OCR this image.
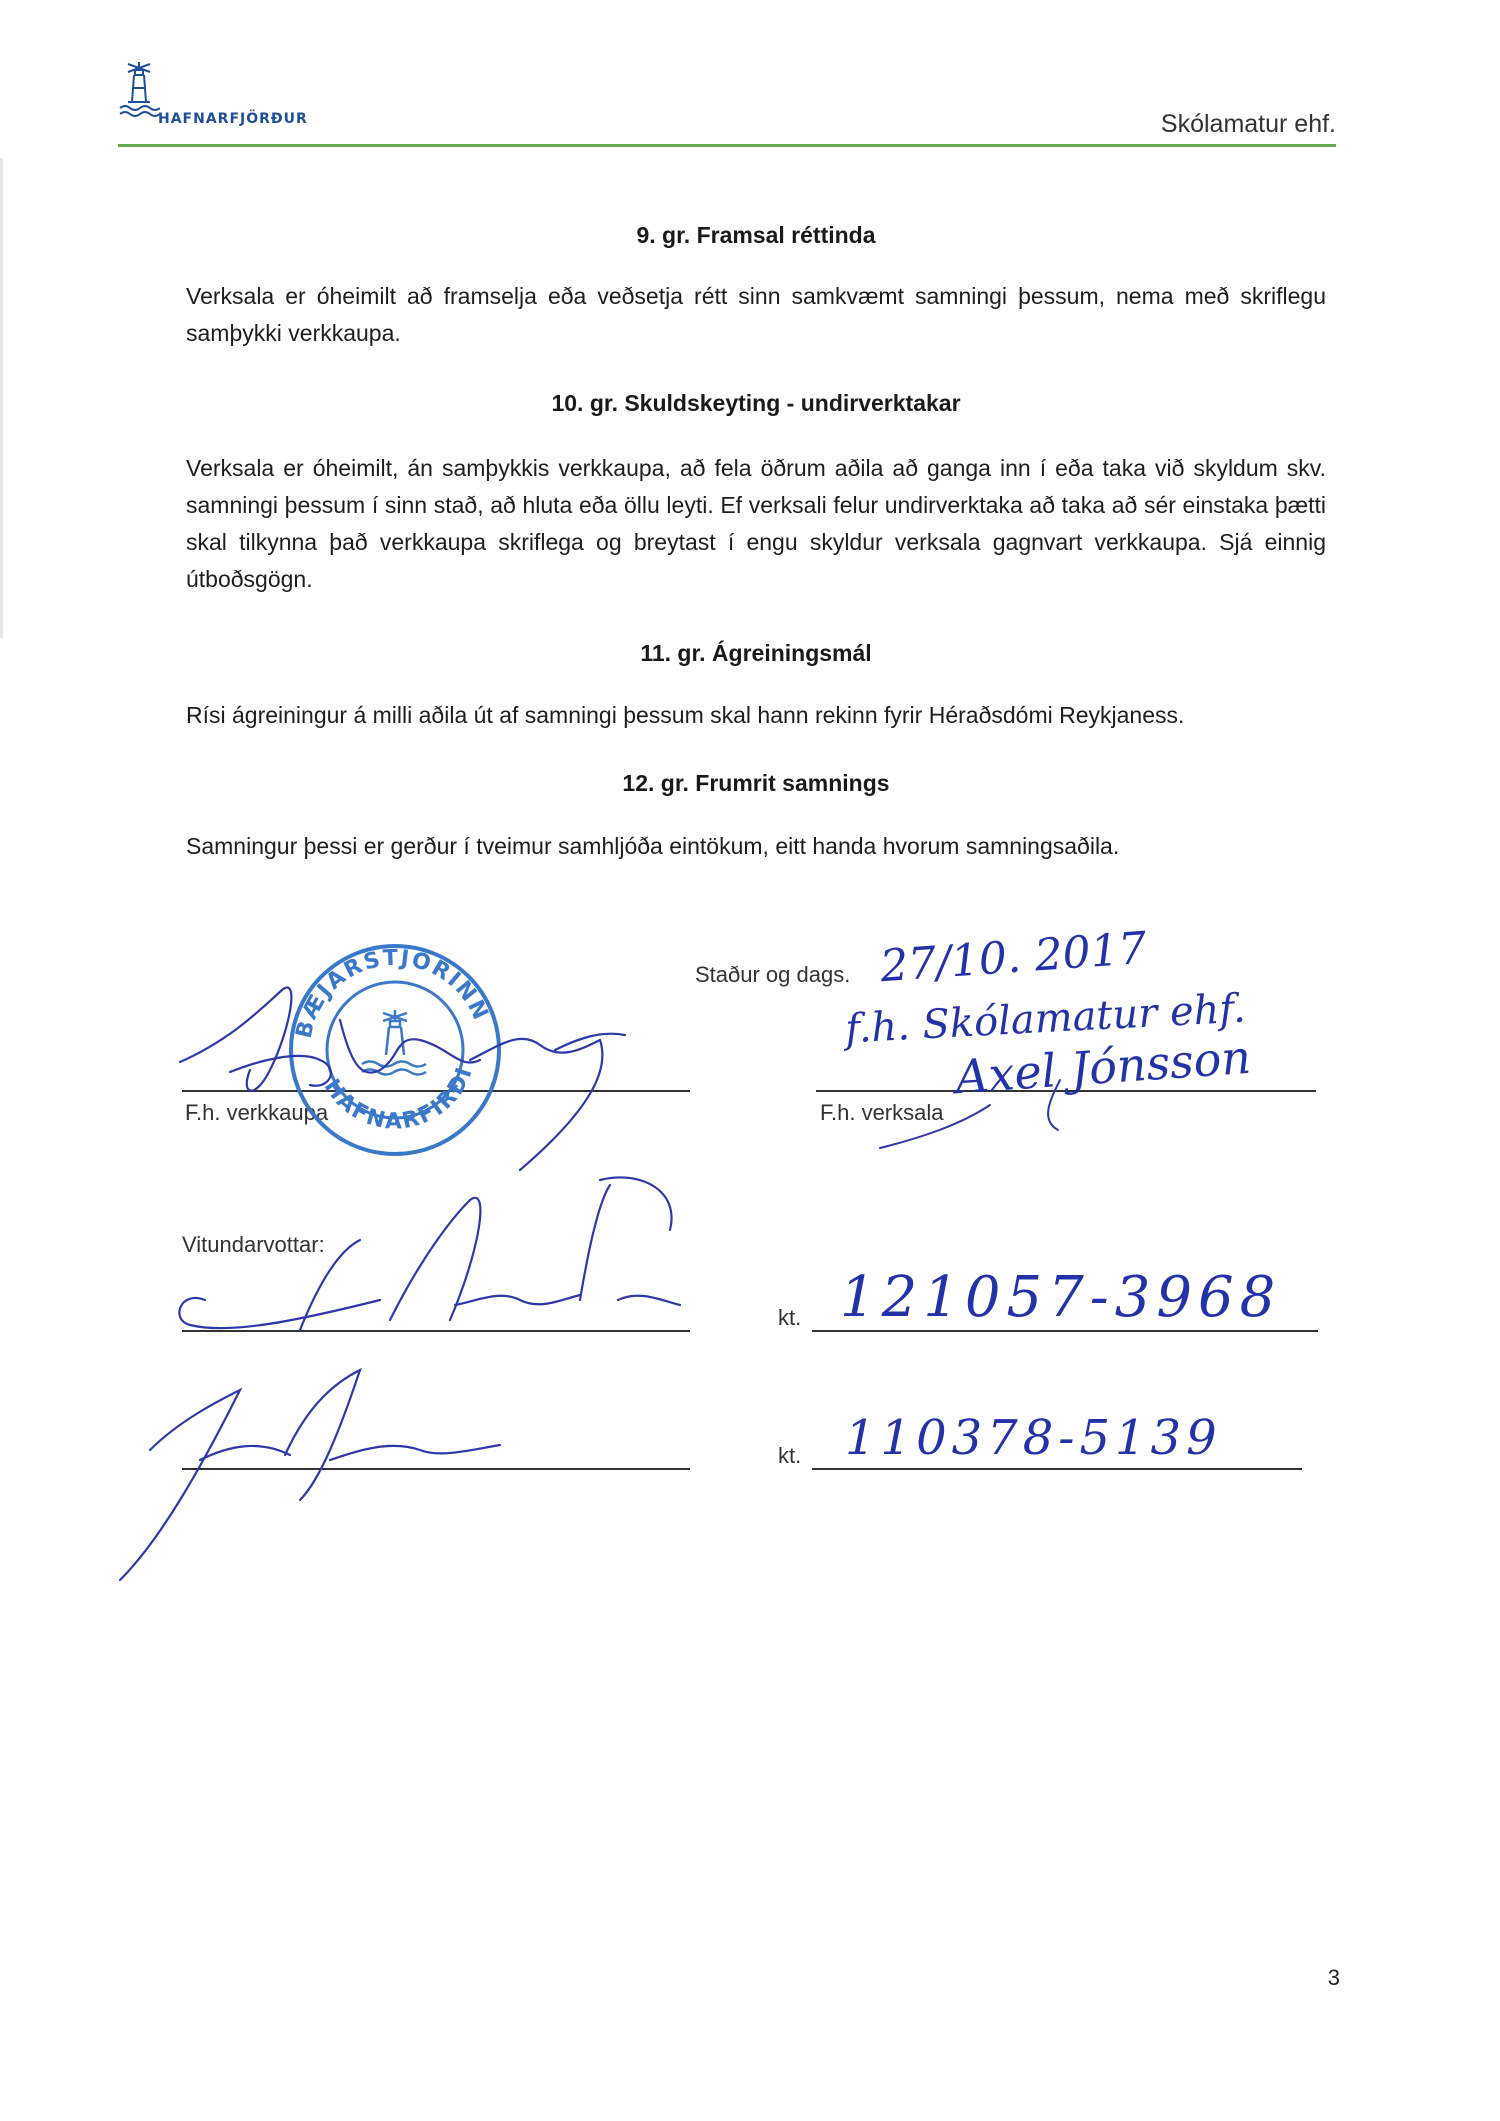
HAFNARFJÖRÐUR	Skólamatur ehf.
9. gr. Framsal réttinda
Verksala er óheimilt að framselja eða veðsetja rétt sinn samkvæmt samningi þessum, nema með skriflegu samþykki verkkaupa.
10. gr. Skuldskeyting - undirverktakar
Verksala er óheimilt, án samþykkis verkkaupa, að fela öðrum aðila að ganga inn í eða taka við skyldum skv. samningi þessum í sinn stað, að hluta eða öllu leyti. Ef verksali felur undirverktaka að taka að sér einstaka þætti skal tilkynna það verkkaupa skriflega og breytast í engu skyldur verksala gagnvart verkkaupa. Sjá einnig útboðsgögn.
11. gr. Ágreiningsmál
Rísi ágreiningur á milli aðila út af samningi þessum skal hann rekinn fyrir Héraðsdómi Reykjaness.
12. gr. Frumrit samnings
Samningur þessi er gerður í tveimur samhljóða eintökum, eitt handa hvorum samningsaðila.
Staður og dags.
F.h. verkkaupa	F.h. verksala
Vitundarvottar:
kt.
kt.
27/10. 2017
f.h. Skólamatur ehf.
Axel Jónsson
121057-3968
110378-5139
BÆJARSTJÓRINN
HAFNARFIRÐI
3
